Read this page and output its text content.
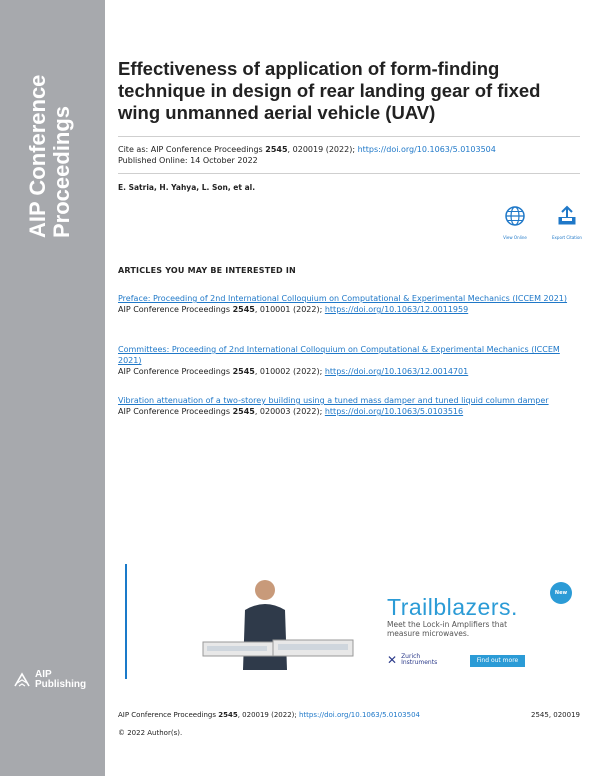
AIP Conference Proceedings
AIP
Publishing
Effectiveness of application of form-finding technique in design of rear landing gear of fixed wing unmanned aerial vehicle (UAV)
Cite as: AIP Conference Proceedings 2545, 020019 (2022); https://doi.org/10.1063/5.0103504
Published Online: 14 October 2022
E. Satria, H. Yahya, L. Son, et al.
View Online	Export Citation
ARTICLES YOU MAY BE INTERESTED IN
Preface: Proceeding of 2nd International Colloquium on Computational & Experimental Mechanics (ICCEM 2021)
AIP Conference Proceedings 2545, 010001 (2022); https://doi.org/10.1063/12.0011959
Committees: Proceeding of 2nd International Colloquium on Computational & Experimental Mechanics (ICCEM 2021)
AIP Conference Proceedings 2545, 010002 (2022); https://doi.org/10.1063/12.0014701
Vibration attenuation of a two-storey building using a tuned mass damper and tuned liquid column damper
AIP Conference Proceedings 2545, 020003 (2022); https://doi.org/10.1063/5.0103516
Trailblazers.
New
Meet the Lock-in Amplifiers that measure microwaves.
✕ Zurich
Instruments	Find out more
AIP Conference Proceedings 2545, 020019 (2022); https://doi.org/10.1063/5.0103504	2545, 020019
© 2022 Author(s).
